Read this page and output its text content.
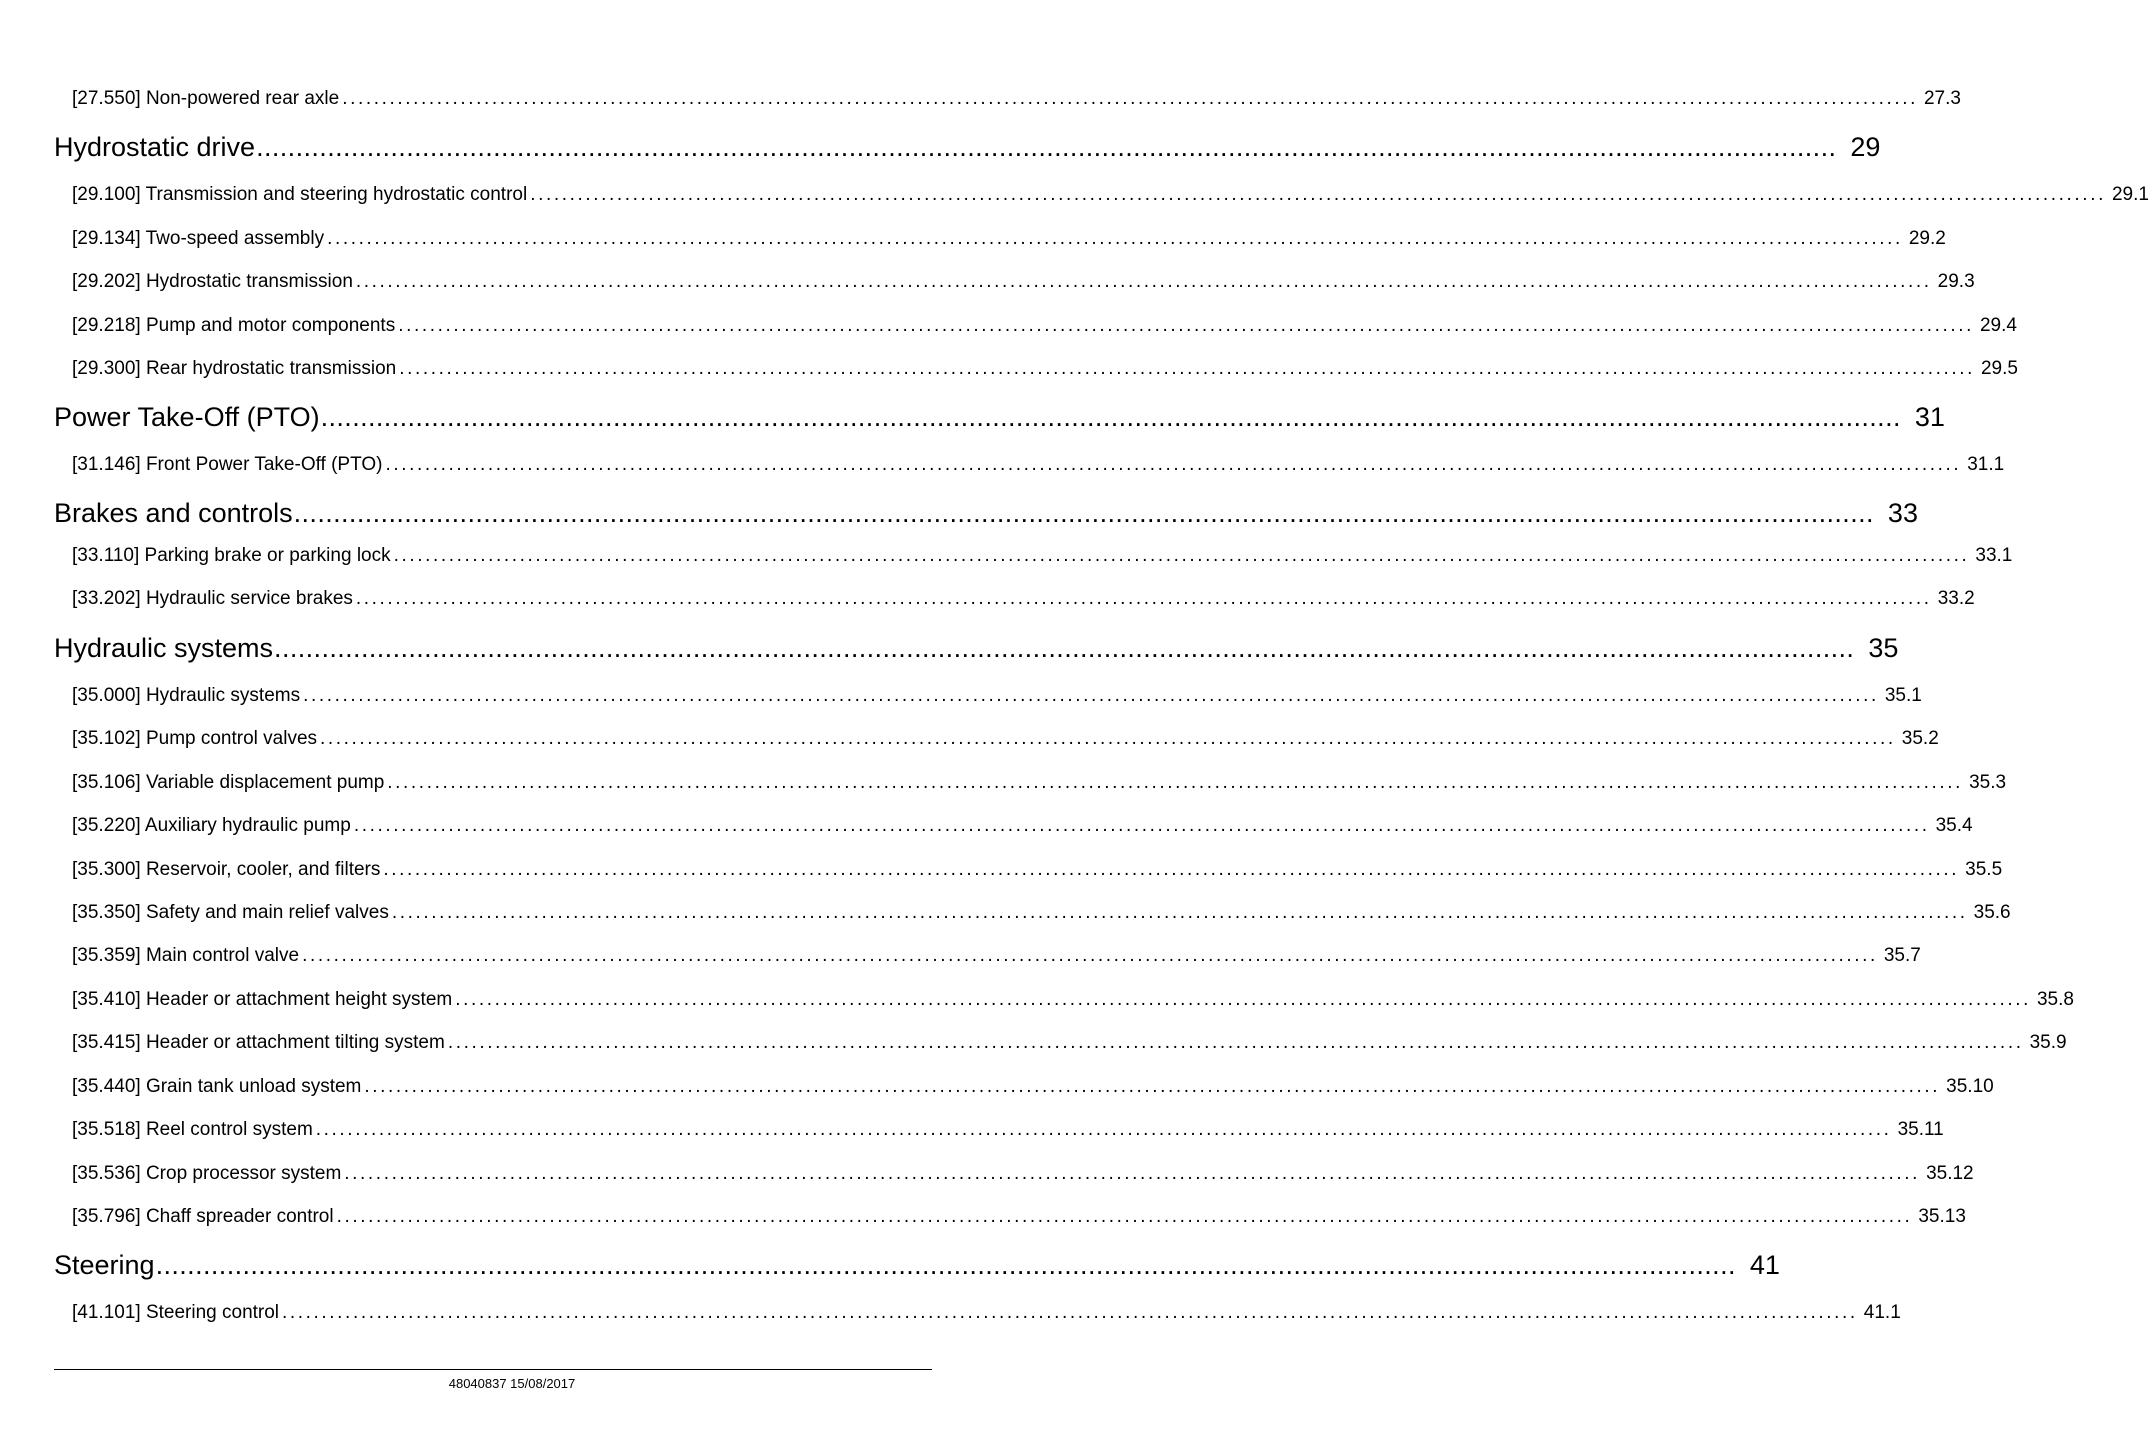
[27.550] Non-powered rear axle ........................................................................................................................................................................................................ 27.3
Hydrostatic drive ........................................................................................................................................................................................................ 29
[29.100] Transmission and steering hydrostatic control ........................................................................................................................................................................................................ 29.1
[29.134] Two-speed assembly ........................................................................................................................................................................................................ 29.2
[29.202] Hydrostatic transmission ........................................................................................................................................................................................................ 29.3
[29.218] Pump and motor components ........................................................................................................................................................................................................ 29.4
[29.300] Rear hydrostatic transmission ........................................................................................................................................................................................................ 29.5
Power Take-Off (PTO) ........................................................................................................................................................................................................ 31
[31.146] Front Power Take-Off (PTO) ........................................................................................................................................................................................................ 31.1
Brakes and controls ........................................................................................................................................................................................................ 33
[33.110] Parking brake or parking lock ........................................................................................................................................................................................................ 33.1
[33.202] Hydraulic service brakes ........................................................................................................................................................................................................ 33.2
Hydraulic systems ........................................................................................................................................................................................................ 35
[35.000] Hydraulic systems ........................................................................................................................................................................................................ 35.1
[35.102] Pump control valves ........................................................................................................................................................................................................ 35.2
[35.106] Variable displacement pump ........................................................................................................................................................................................................ 35.3
[35.220] Auxiliary hydraulic pump ........................................................................................................................................................................................................ 35.4
[35.300] Reservoir, cooler, and filters ........................................................................................................................................................................................................ 35.5
[35.350] Safety and main relief valves ........................................................................................................................................................................................................ 35.6
[35.359] Main control valve ........................................................................................................................................................................................................ 35.7
[35.410] Header or attachment height system ........................................................................................................................................................................................................ 35.8
[35.415] Header or attachment tilting system ........................................................................................................................................................................................................ 35.9
[35.440] Grain tank unload system ........................................................................................................................................................................................................ 35.10
[35.518] Reel control system ........................................................................................................................................................................................................ 35.11
[35.536] Crop processor system ........................................................................................................................................................................................................ 35.12
[35.796] Chaff spreader control ........................................................................................................................................................................................................ 35.13
Steering ........................................................................................................................................................................................................ 41
[41.101] Steering control ........................................................................................................................................................................................................ 41.1
48040837 15/08/2017
